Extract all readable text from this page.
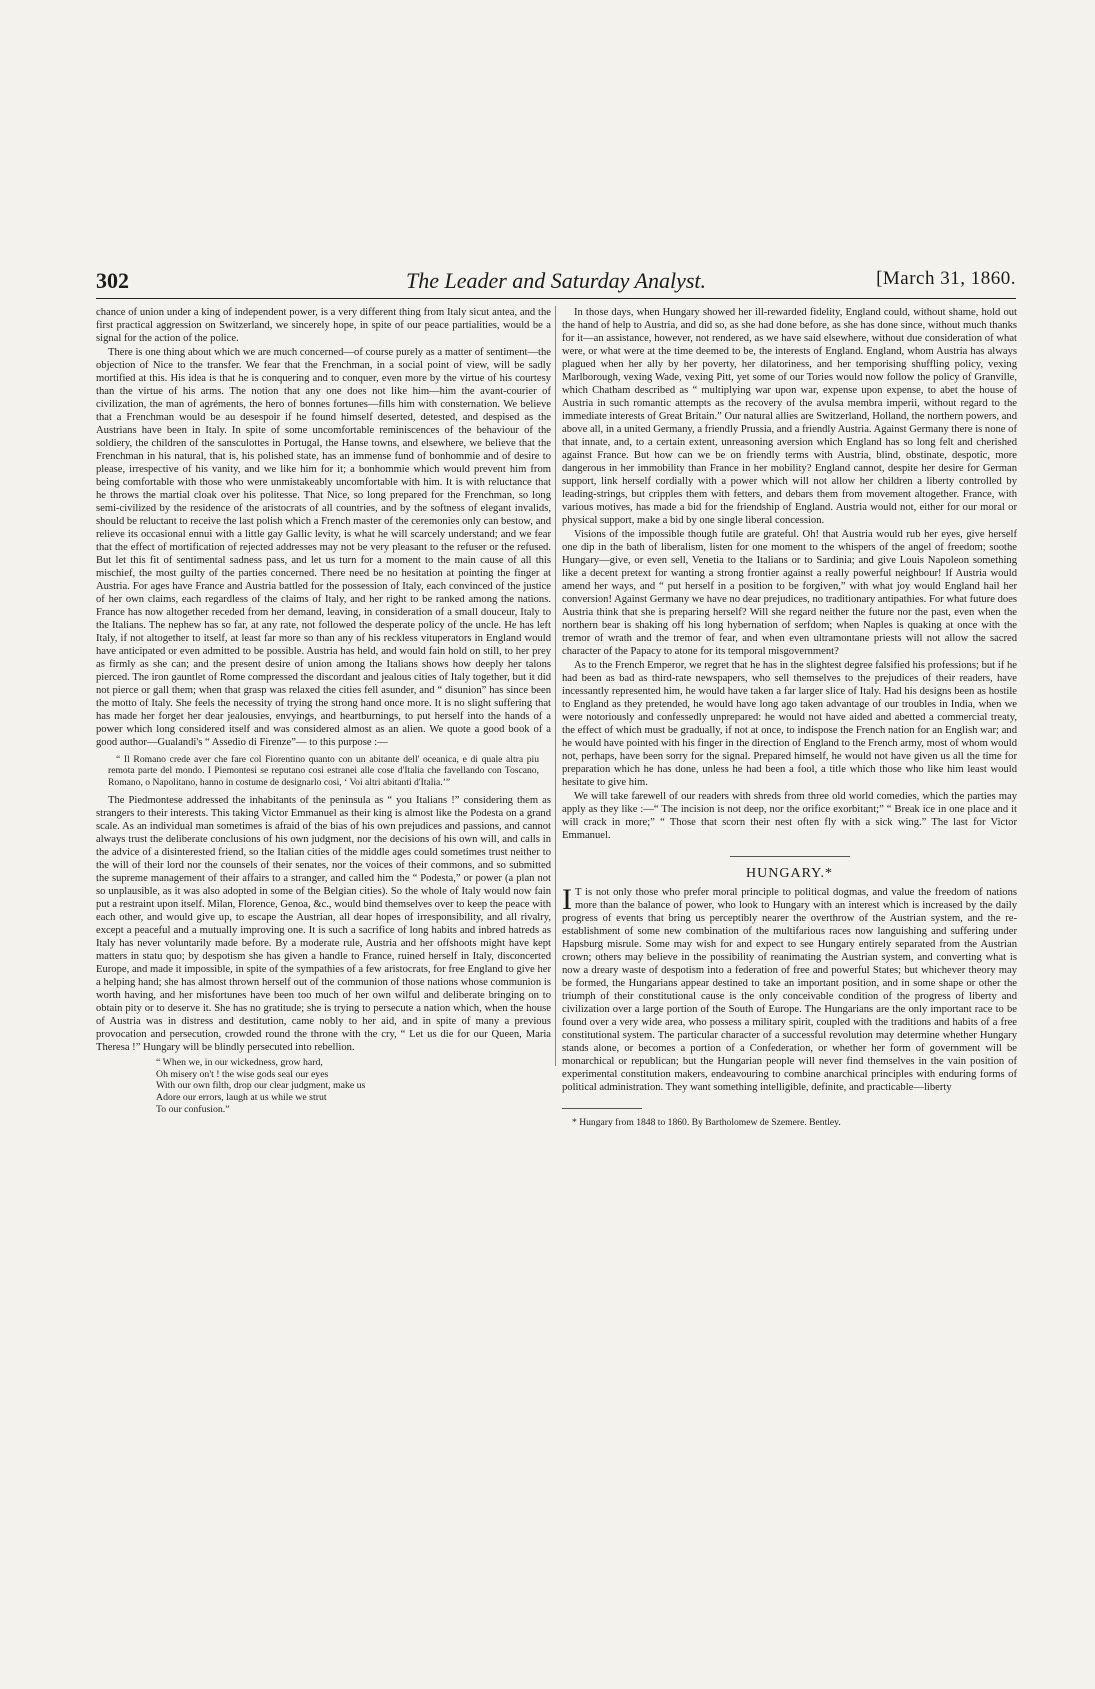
302	The Leader and Saturday Analyst.	[March 31, 1860.

chance of union under a king of independent power, is a very different thing from Italy sicut antea, and the first practical aggression on Switzerland, we sincerely hope, in spite of our peace partialities, would be a signal for the action of the police.

There is one thing about which we are much concerned—of course purely as a matter of sentiment—the objection of Nice to the transfer. We fear that the Frenchman, in a social point of view, will be sadly mortified at this. His idea is that he is conquering and to conquer, even more by the virtue of his courtesy than the virtue of his arms. The notion that any one does not like him—him the avant-courier of civilization, the man of agréments, the hero of bonnes fortunes—fills him with consternation. We believe that a Frenchman would be au desespoir if he found himself deserted, detested, and despised as the Austrians have been in Italy. In spite of some uncomfortable reminiscences of the behaviour of the soldiery, the children of the sansculottes in Portugal, the Hanse towns, and elsewhere, we believe that the Frenchman in his natural, that is, his polished state, has an immense fund of bonhommie and of desire to please, irrespective of his vanity, and we like him for it; a bonhommie which would prevent him from being comfortable with those who were unmistakeably uncomfortable with him. It is with reluctance that he throws the martial cloak over his politesse. That Nice, so long prepared for the Frenchman, so long semi-civilized by the residence of the aristocrats of all countries, and by the softness of elegant invalids, should be reluctant to receive the last polish which a French master of the ceremonies only can bestow, and relieve its occasional ennui with a little gay Gallic levity, is what he will scarcely understand; and we fear that the effect of mortification of rejected addresses may not be very pleasant to the refuser or the refused. But let this fit of sentimental sadness pass, and let us turn for a moment to the main cause of all this mischief, the most guilty of the parties concerned. There need be no hesitation at pointing the finger at Austria. For ages have France and Austria battled for the possession of Italy, each convinced of the justice of her own claims, each regardless of the claims of Italy, and her right to be ranked among the nations. France has now altogether receded from her demand, leaving, in consideration of a small douceur, Italy to the Italians. The nephew has so far, at any rate, not followed the desperate policy of the uncle. He has left Italy, if not altogether to itself, at least far more so than any of his reckless vituperators in England would have anticipated or even admitted to be possible. Austria has held, and would fain hold on still, to her prey as firmly as she can; and the present desire of union among the Italians shows how deeply her talons pierced. The iron gauntlet of Rome compressed the discordant and jealous cities of Italy together, but it did not pierce or gall them; when that grasp was relaxed the cities fell asunder, and “ disunion” has since been the motto of Italy. She feels the necessity of trying the strong hand once more. It is no slight suffering that has made her forget her dear jealousies, envyings, and heartburnings, to put herself into the hands of a power which long considered itself and was considered almost as an alien. We quote a good book of a good author—Gualandi's “ Assedio di Firenze”— to this purpose :—

“ Il Romano crede aver che fare col Fiorentino quanto con un abitante dell' oceanica, e di quale altra piu remota parte del mondo. I Piemontesi se reputano cosi estranei alle cose d'Italia che favellando con Toscano, Romano, o Napolitano, hanno in costume de designarlo cosi, ‘ Voi altri abitanti d'Italia.’”

The Piedmontese addressed the inhabitants of the peninsula as “ you Italians !” considering them as strangers to their interests. This taking Victor Emmanuel as their king is almost like the Podesta on a grand scale. As an individual man sometimes is afraid of the bias of his own prejudices and passions, and cannot always trust the deliberate conclusions of his own judgment, nor the decisions of his own will, and calls in the advice of a disinterested friend, so the Italian cities of the middle ages could sometimes trust neither to the will of their lord nor the counsels of their senates, nor the voices of their commons, and so submitted the supreme management of their affairs to a stranger, and called him the “ Podesta,” or power (a plan not so unplausible, as it was also adopted in some of the Belgian cities). So the whole of Italy would now fain put a restraint upon itself. Milan, Florence, Genoa, &c., would bind themselves over to keep the peace with each other, and would give up, to escape the Austrian, all dear hopes of irresponsibility, and all rivalry, except a peaceful and a mutually improving one. It is such a sacrifice of long habits and inbred hatreds as Italy has never voluntarily made before. By a moderate rule, Austria and her offshoots might have kept matters in statu quo; by despotism she has given a handle to France, ruined herself in Italy, disconcerted Europe, and made it impossible, in spite of the sympathies of a few aristocrats, for free England to give her a helping hand; she has almost thrown herself out of the communion of those nations whose communion is worth having, and her misfortunes have been too much of her own wilful and deliberate bringing on to obtain pity or to deserve it. She has no gratitude; she is trying to persecute a nation which, when the house of Austria was in distress and destitution, came nobly to her aid, and in spite of many a previous provocation and persecution, crowded round the throne with the cry, “ Let us die for our Queen, Maria Theresa !” Hungary will be blindly persecuted into rebellion.

“ When we, in our wickedness, grow hard,
Oh misery on't ! the wise gods seal our eyes
With our own filth, drop our clear judgment, make us
Adore our errors, laugh at us while we strut
To our confusion.”

In those days, when Hungary showed her ill-rewarded fidelity, England could, without shame, hold out the hand of help to Austria, and did so, as she had done before, as she has done since, without much thanks for it—an assistance, however, not rendered, as we have said elsewhere, without due consideration of what were, or what were at the time deemed to be, the interests of England. England, whom Austria has always plagued when her ally by her poverty, her dilatoriness, and her temporising shuffling policy, vexing Marlborough, vexing Wade, vexing Pitt, yet some of our Tories would now follow the policy of Granville, which Chatham described as “ multiplying war upon war, expense upon expense, to abet the house of Austria in such romantic attempts as the recovery of the avulsa membra imperii, without regard to the immediate interests of Great Britain.” Our natural allies are Switzerland, Holland, the northern powers, and above all, in a united Germany, a friendly Prussia, and a friendly Austria. Against Germany there is none of that innate, and, to a certain extent, unreasoning aversion which England has so long felt and cherished against France. But how can we be on friendly terms with Austria, blind, obstinate, despotic, more dangerous in her immobility than France in her mobility? England cannot, despite her desire for German support, link herself cordially with a power which will not allow her children a liberty controlled by leading-strings, but cripples them with fetters, and debars them from movement altogether. France, with various motives, has made a bid for the friendship of England. Austria would not, either for our moral or physical support, make a bid by one single liberal concession.

Visions of the impossible though futile are grateful. Oh! that Austria would rub her eyes, give herself one dip in the bath of liberalism, listen for one moment to the whispers of the angel of freedom; soothe Hungary—give, or even sell, Venetia to the Italians or to Sardinia; and give Louis Napoleon something like a decent pretext for wanting a strong frontier against a really powerful neighbour! If Austria would amend her ways, and “ put herself in a position to be forgiven,” with what joy would England hail her conversion! Against Germany we have no dear prejudices, no traditionary antipathies. For what future does Austria think that she is preparing herself? Will she regard neither the future nor the past, even when the northern bear is shaking off his long hybernation of serfdom; when Naples is quaking at once with the tremor of wrath and the tremor of fear, and when even ultramontane priests will not allow the sacred character of the Papacy to atone for its temporal misgovernment?

As to the French Emperor, we regret that he has in the slightest degree falsified his professions; but if he had been as bad as third-rate newspapers, who sell themselves to the prejudices of their readers, have incessantly represented him, he would have taken a far larger slice of Italy. Had his designs been as hostile to England as they pretended, he would have long ago taken advantage of our troubles in India, when we were notoriously and confessedly unprepared: he would not have aided and abetted a commercial treaty, the effect of which must be gradually, if not at once, to indispose the French nation for an English war; and he would have pointed with his finger in the direction of England to the French army, most of whom would not, perhaps, have been sorry for the signal. Prepared himself, he would not have given us all the time for preparation which he has done, unless he had been a fool, a title which those who like him least would hesitate to give him.

We will take farewell of our readers with shreds from three old world comedies, which the parties may apply as they like :—“ The incision is not deep, nor the orifice exorbitant;” “ Break ice in one place and it will crack in more;” “ Those that scorn their nest often fly with a sick wing.” The last for Victor Emmanuel.

HUNGARY.*

I T is not only those who prefer moral principle to political dogmas, and value the freedom of nations more than the balance of power, who look to Hungary with an interest which is increased by the daily progress of events that bring us perceptibly nearer the overthrow of the Austrian system, and the re-establishment of some new combination of the multifarious races now languishing and suffering under Hapsburg misrule. Some may wish for and expect to see Hungary entirely separated from the Austrian crown; others may believe in the possibility of reanimating the Austrian system, and converting what is now a dreary waste of despotism into a federation of free and powerful States; but whichever theory may be formed, the Hungarians appear destined to take an important position, and in some shape or other the triumph of their constitutional cause is the only conceivable condition of the progress of liberty and civilization over a large portion of the South of Europe. The Hungarians are the only important race to be found over a very wide area, who possess a military spirit, coupled with the traditions and habits of a free constitutional system. The particular character of a successful revolution may determine whether Hungary stands alone, or becomes a portion of a Confederation, or whether her form of government will be monarchical or republican; but the Hungarian people will never find themselves in the vain position of experimental constitution makers, endeavouring to combine anarchical principles with enduring forms of political administration. They want something intelligible, definite, and practicable—liberty

* Hungary from 1848 to 1860. By Bartholomew de Szemere. Bentley.
